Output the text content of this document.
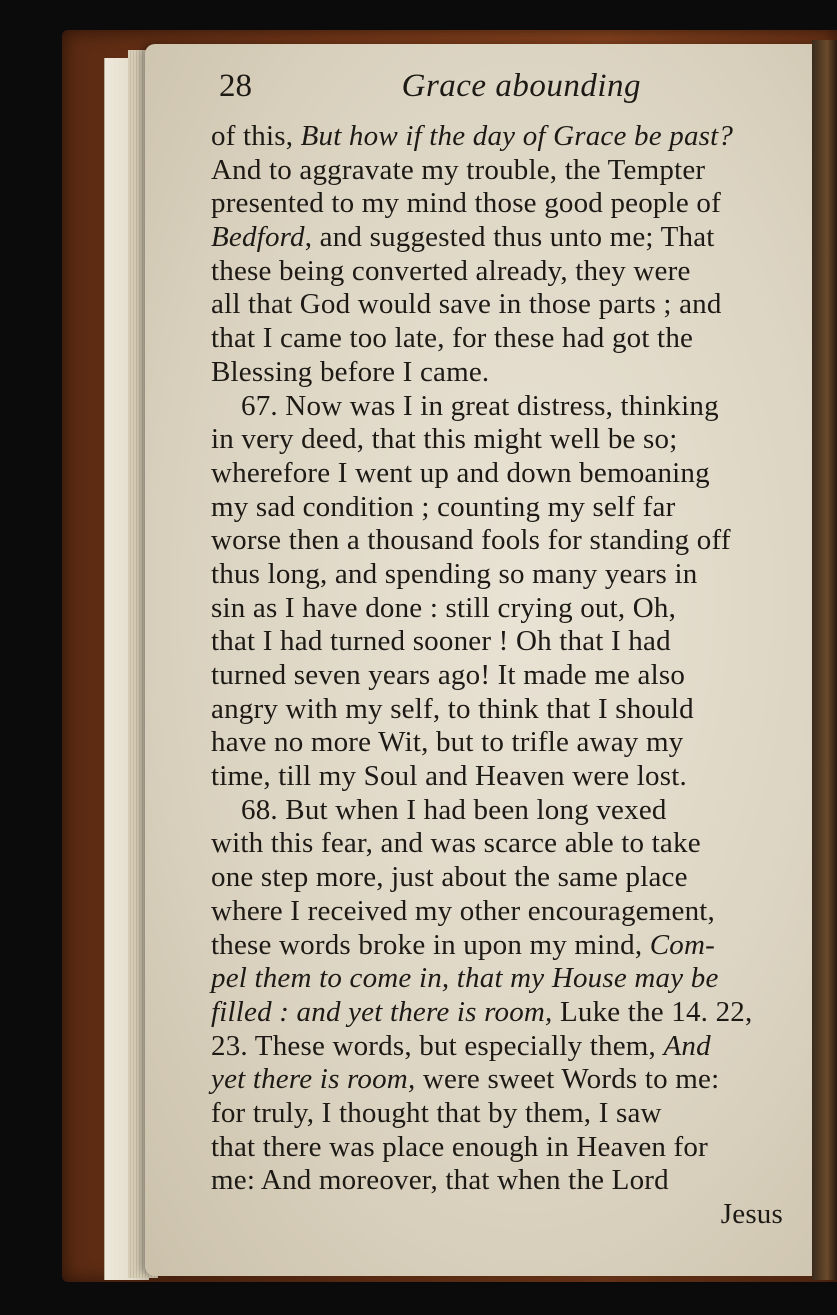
28	Grace abounding
of this, But how if the day of Grace be past?
And to aggravate my trouble, the Tempter
presented to my mind those good people of
Bedford, and suggested thus unto me; That
these being converted already, they were
all that God would save in those parts ; and
that I came too late, for these had got the
Blessing before I came.
67. Now was I in great distress, thinking
in very deed, that this might well be so;
wherefore I went up and down bemoaning
my sad condition ; counting my self far
worse then a thousand fools for standing off
thus long, and spending so many years in
sin as I have done : still crying out, Oh,
that I had turned sooner ! Oh that I had
turned seven years ago! It made me also
angry with my self, to think that I should
have no more Wit, but to trifle away my
time, till my Soul and Heaven were lost.
68. But when I had been long vexed
with this fear, and was scarce able to take
one step more, just about the same place
where I received my other encouragement,
these words broke in upon my mind, Com-
pel them to come in, that my House may be
filled : and yet there is room, Luke the 14. 22,
23. These words, but especially them, And
yet there is room, were sweet Words to me:
for truly, I thought that by them, I saw
that there was place enough in Heaven for
me: And moreover, that when the Lord
Jesus
